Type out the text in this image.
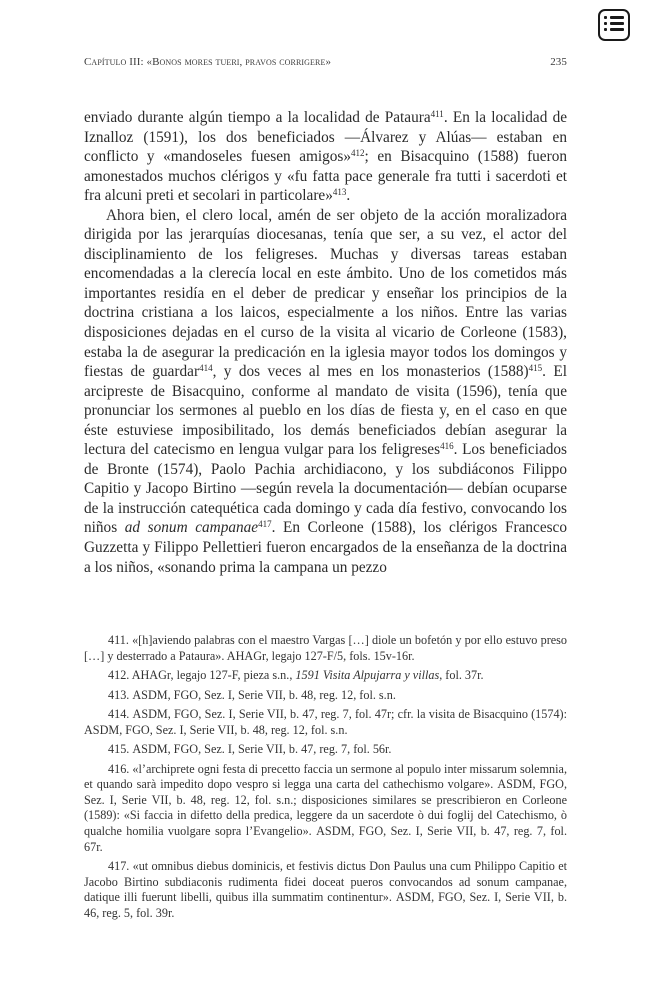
Capítulo III: «Bonos mores tueri, pravos corrigere»	235

enviado durante algún tiempo a la localidad de Pataura$^{411}$. En la localidad de Iznalloz (1591), los dos beneficiados —Álvarez y Alúas— estaban en conflicto y «mandoseles fuesen amigos»$^{412}$; en Bisacquino (1588) fueron amonestados muchos clérigos y «fu fatta pace generale fra tutti i sacerdoti et fra alcuni preti et secolari in particolare»$^{413}$.

Ahora bien, el clero local, amén de ser objeto de la acción moralizadora dirigida por las jerarquías diocesanas, tenía que ser, a su vez, el actor del disciplinamiento de los feligreses. Muchas y diversas tareas estaban encomendadas a la clerecía local en este ámbito. Uno de los cometidos más importantes residía en el deber de predicar y enseñar los principios de la doctrina cristiana a los laicos, especialmente a los niños. Entre las varias disposiciones dejadas en el curso de la visita al vicario de Corleone (1583), estaba la de asegurar la predicación en la iglesia mayor todos los domingos y fiestas de guardar$^{414}$, y dos veces al mes en los monasterios (1588)$^{415}$. El arcipreste de Bisacquino, conforme al mandato de visita (1596), tenía que pronunciar los sermones al pueblo en los días de fiesta y, en el caso en que éste estuviese imposibilitado, los demás beneficiados debían asegurar la lectura del catecismo en lengua vulgar para los feligreses$^{416}$. Los beneficiados de Bronte (1574), Paolo Pachia archidiacono, y los subdiáconos Filippo Capitio y Jacopo Birtino —según revela la documentación— debían ocuparse de la instrucción catequética cada domingo y cada día festivo, convocando los niños ad sonum campanae$^{417}$. En Corleone (1588), los clérigos Francesco Guzzetta y Filippo Pellettieri fueron encargados de la enseñanza de la doctrina a los niños, «sonando prima la campana un pezzo

411. «[h]aviendo palabras con el maestro Vargas […] diole un bofetón y por ello estuvo preso […] y desterrado a Pataura». AHAGr, legajo 127-F/5, fols. 15v-16r.
412. AHAGr, legajo 127-F, pieza s.n., 1591 Visita Alpujarra y villas, fol. 37r.
413. ASDM, FGO, Sez. I, Serie VII, b. 48, reg. 12, fol. s.n.
414. ASDM, FGO, Sez. I, Serie VII, b. 47, reg. 7, fol. 47r; cfr. la visita de Bisacquino (1574): ASDM, FGO, Sez. I, Serie VII, b. 48, reg. 12, fol. s.n.
415. ASDM, FGO, Sez. I, Serie VII, b. 47, reg. 7, fol. 56r.
416. «l’archiprete ogni festa di precetto faccia un sermone al populo inter missarum solemnia, et quando sarà impedito dopo vespro si legga una carta del cathechismo volgare». ASDM, FGO, Sez. I, Serie VII, b. 48, reg. 12, fol. s.n.; disposiciones similares se prescribieron en Corleone (1589): «Si faccia in difetto della predica, leggere da un sacerdote ò dui foglij del Catechismo, ò qualche homilia vuolgare sopra l’Evangelio». ASDM, FGO, Sez. I, Serie VII, b. 47, reg. 7, fol. 67r.
417. «ut omnibus diebus dominicis, et festivis dictus Don Paulus una cum Philippo Capitio et Jacobo Birtino subdiaconis rudimenta fidei doceat pueros convocandos ad sonum campanae, datique illi fuerunt libelli, quibus illa summatim continentur». ASDM, FGO, Sez. I, Serie VII, b. 46, reg. 5, fol. 39r.
